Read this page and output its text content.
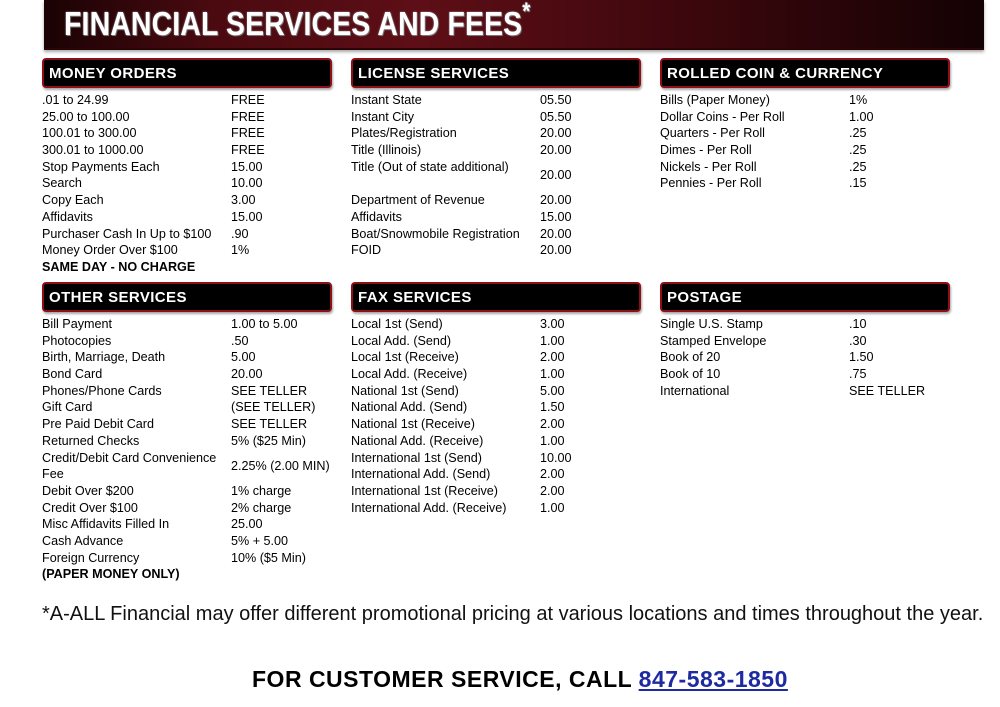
FINANCIAL SERVICES AND FEES*
MONEY ORDERS
.01 to 24.99	FREE
25.00 to 100.00	FREE
100.01 to 300.00	FREE
300.01 to 1000.00	FREE
Stop Payments Each	15.00
Search	10.00
Copy Each	3.00
Affidavits	15.00
Purchaser Cash In Up to $100 .90
Money Order Over $100	1%
SAME DAY - NO CHARGE
LICENSE SERVICES
Instant State	05.50
Instant City	05.50
Plates/Registration	20.00
Title (Illinois)	20.00
Title (Out of state additional)
20.00
Department of Revenue	20.00
Affidavits	15.00
Boat/Snowmobile Registration 20.00
FOID	20.00
ROLLED COIN & CURRENCY
Bills (Paper Money)	1%
Dollar Coins - Per Roll	1.00
Quarters - Per Roll	.25
Dimes - Per Roll	.25
Nickels - Per Roll	.25
Pennies - Per Roll	.15
OTHER SERVICES
Bill Payment	1.00 to 5.00
Photocopies	.50
Birth, Marriage, Death	5.00
Bond Card	20.00
Phones/Phone Cards	SEE TELLER
Gift Card	(SEE TELLER)
Pre Paid Debit Card	SEE TELLER
Returned Checks	5% ($25 Min)
Credit/Debit Card Convenience Fee
2.25% (2.00 MIN)
Debit Over $200	1% charge
Credit Over $100	2% charge
Misc Affidavits Filled In	25.00
Cash Advance	5% + 5.00
Foreign Currency	10% ($5 Min)
(PAPER MONEY ONLY)
FAX SERVICES
Local 1st (Send)	3.00
Local Add. (Send)	1.00
Local 1st (Receive)	2.00
Local Add. (Receive)	1.00
National 1st (Send)	5.00
National Add. (Send)	1.50
National 1st (Receive)	2.00
National Add. (Receive)	1.00
International 1st (Send)	10.00
International Add. (Send)	2.00
International 1st (Receive)	2.00
International Add. (Receive)	1.00
POSTAGE
Single U.S. Stamp	.10
Stamped Envelope	.30
Book of 20	1.50
Book of 10	.75
International	SEE TELLER
*A-ALL Financial may offer different promotional pricing at various locations and times throughout the year.
FOR CUSTOMER SERVICE, CALL 847-583-1850
